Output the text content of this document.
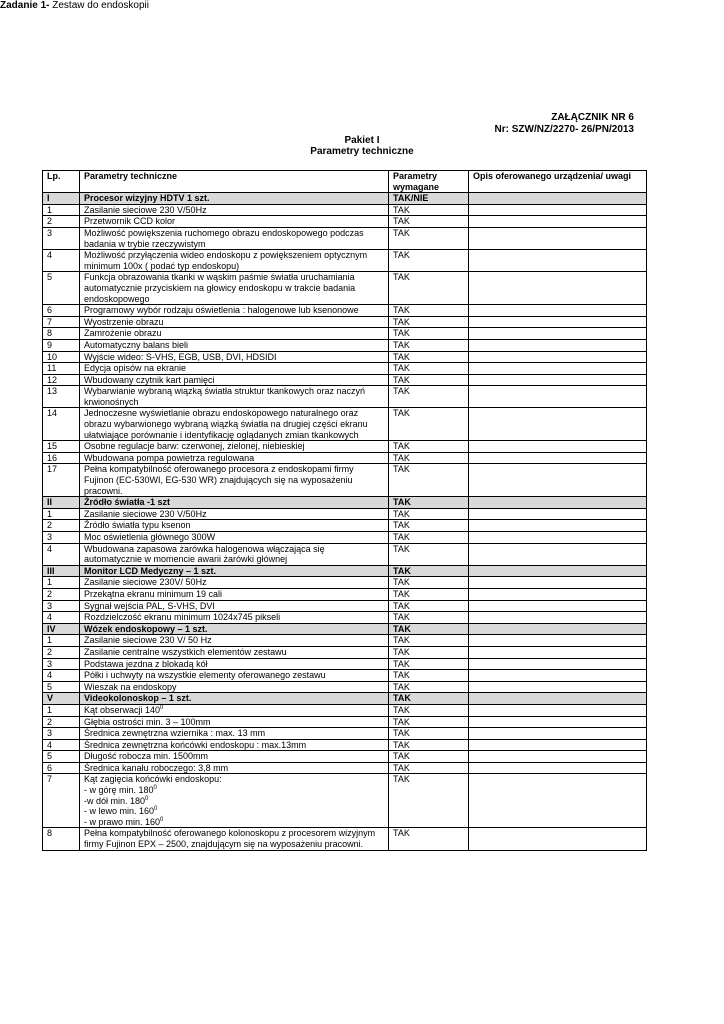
ZAŁĄCZNIK NR 6
Nr: SZW/NZ/2270- 26/PN/2013
Pakiet I
Parametry techniczne
Zadanie 1- Zestaw do endoskopii
Lp.	Parametry techniczne	Parametry wymagane	Opis oferowanego urządzenia/ uwagi
I	Procesor wizyjny HDTV 1 szt.	TAK/NIE	
1	Zasilanie sieciowe 230 V/50Hz	TAK	
2	Przetwornik CCD kolor	TAK	
3	Możliwość powiększenia ruchomego obrazu endoskopowego podczas badania w trybie rzeczywistym	TAK	
4	Możliwość przyłączenia wideo endoskopu z powiększeniem optycznym minimum 100x ( podać typ endoskopu)	TAK	
5	Funkcja obrazowania tkanki w wąskim paśmie światła uruchamiania automatycznie przyciskiem na głowicy endoskopu w trakcie badania endoskopowego	TAK	
6	Programowy wybór rodzaju oświetlenia : halogenowe lub ksenonowe	TAK	
7	Wyostrzenie obrazu	TAK	
8	Zamrożenie obrazu	TAK	
9	Automatyczny balans bieli	TAK	
10	Wyjście wideo: S-VHS, EGB, USB, DVI, HDSIDI	TAK	
11	Edycja opisów na ekranie	TAK	
12	Wbudowany czytnik kart pamięci	TAK	
13	Wybarwianie wybraną wiązką światła struktur tkankowych oraz naczyń krwionośnych	TAK	
14	Jednoczesne wyświetlanie obrazu endoskopowego naturalnego oraz obrazu wybarwionego wybraną wiązką światła na drugiej części ekranu ułatwiające porównanie i identyfikację oglądanych zmian tkankowych	TAK	
15	Osobne regulacje barw: czerwonej, zielonej, niebieskiej	TAK	
16	Wbudowana pompa powietrza regulowana	TAK	
17	Pełna kompatybilność oferowanego procesora z endoskopami firmy Fujinon (EC-530WI, EG-530 WR) znajdujących się na wyposażeniu pracowni.	TAK	
II	Źródło światła -1 szt	TAK	
1	Zasilanie sieciowe 230 V/50Hz	TAK	
2	Źródło światła typu ksenon	TAK	
3	Moc oświetlenia głównego 300W	TAK	
4	Wbudowana zapasowa żarówka halogenowa włączająca się automatycznie w momencie awarii żarówki głównej	TAK	
III	Monitor LCD Medyczny – 1 szt.	TAK	
1	Zasilanie sieciowe 230V/ 50Hz	TAK	
2	Przekątna ekranu minimum 19 cali	TAK	
3	Sygnał wejścia PAL, S-VHS, DVI	TAK	
4	Rozdzielczość ekranu minimum 1024x745 pikseli	TAK	
IV	Wózek endoskopowy – 1 szt.	TAK	
1	Zasilanie sieciowe 230 V/ 50 Hz	TAK	
2	Zasilanie centralne wszystkich elementów zestawu	TAK	
3	Podstawa jezdna z blokadą kół	TAK	
4	Półki i uchwyty na wszystkie elementy oferowanego zestawu	TAK	
5	Wieszak na endoskopy	TAK	
V	Videokolonoskop – 1 szt.	TAK	
1	Kąt obserwacji $140^0$	TAK	
2	Głębia ostrości min. 3 – 100mm	TAK	
3	Średnica zewnętrzna wziernika : max. 13 mm	TAK	
4	Średnica zewnętrzna końcówki endoskopu : max.13mm	TAK	
5	Długość robocza min. 1500mm	TAK	
6	Średnica kanału roboczego: 3,8 mm	TAK	
7	Kąt zagięcia końcówki endoskopu:
- w górę min. $180^0$
-w dół min. $180^0$
- w lewo min. $160^0$
- w prawo min. $160^0$	TAK	
8	Pełna kompatybilność oferowanego kolonoskopu z procesorem wizyjnym firmy Fujinon EPX – 2500, znajdującym się na wyposażeniu pracowni.	TAK	
